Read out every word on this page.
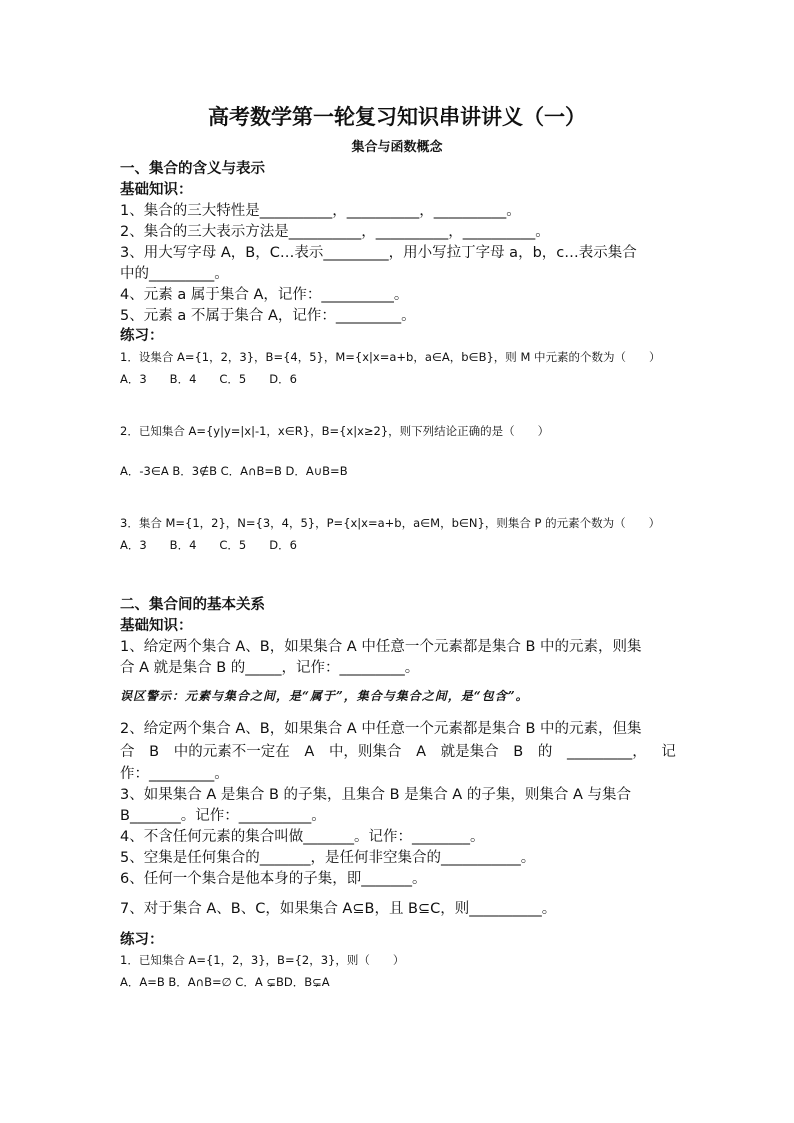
高考数学第一轮复习知识串讲讲义（一）
集合与函数概念
一、集合的含义与表示
基础知识：
1、集合的三大特性是__________，__________，__________。
2、集合的三大表示方法是__________，__________，__________。
3、用大写字母 A，B，C…表示_________，用小写拉丁字母 a，b，c…表示集合
中的_________。
4、元素 a 属于集合 A，记作：__________。
5、元素 a 不属于集合 A，记作：_________。
练习：
1．设集合 A={1，2，3}，B={4，5}，M={x|x=a+b，a∈A，b∈B}，则 M 中元素的个数为（　　）
A．3　　B．4　　C．5　　D．6
2．已知集合 A={y|y=|x|-1，x∈R}，B={x|x≥2}，则下列结论正确的是（　　）
A．-3∈A B．3∉B C．A∩B=B D．A∪B=B
3．集合 M={1，2}，N={3，4，5}，P={x|x=a+b，a∈M，b∈N}，则集合 P 的元素个数为（　　）
A．3　　B．4　　C．5　　D．6
二、集合间的基本关系
基础知识：
1、给定两个集合 A、B，如果集合 A 中任意一个元素都是集合 B 中的元素，则集
合 A 就是集合 B 的_____，记作：_________。
误区警示：元素与集合之间，是“属于”，集合与集合之间，是“包含”。
2、给定两个集合 A、B，如果集合 A 中任意一个元素都是集合 B 中的元素，但集
合 B 中的元素不一定在 A 中，则集合 A 就是集合 B 的 _________， 记
作：_________。
3、如果集合 A 是集合 B 的子集，且集合 B 是集合 A 的子集，则集合 A 与集合
B_______。记作：__________。
4、不含任何元素的集合叫做_______。记作：________。
5、空集是任何集合的_______，是任何非空集合的___________。
6、任何一个集合是他本身的子集，即_______。
7、对于集合 A、B、C，如果集合 A⊆B，且 B⊆C，则__________。
练习：
1．已知集合 A={1，2，3}，B={2，3}，则（　　）
A．A=B B．A∩B=∅ C．A ⊊BD．B⊊A
